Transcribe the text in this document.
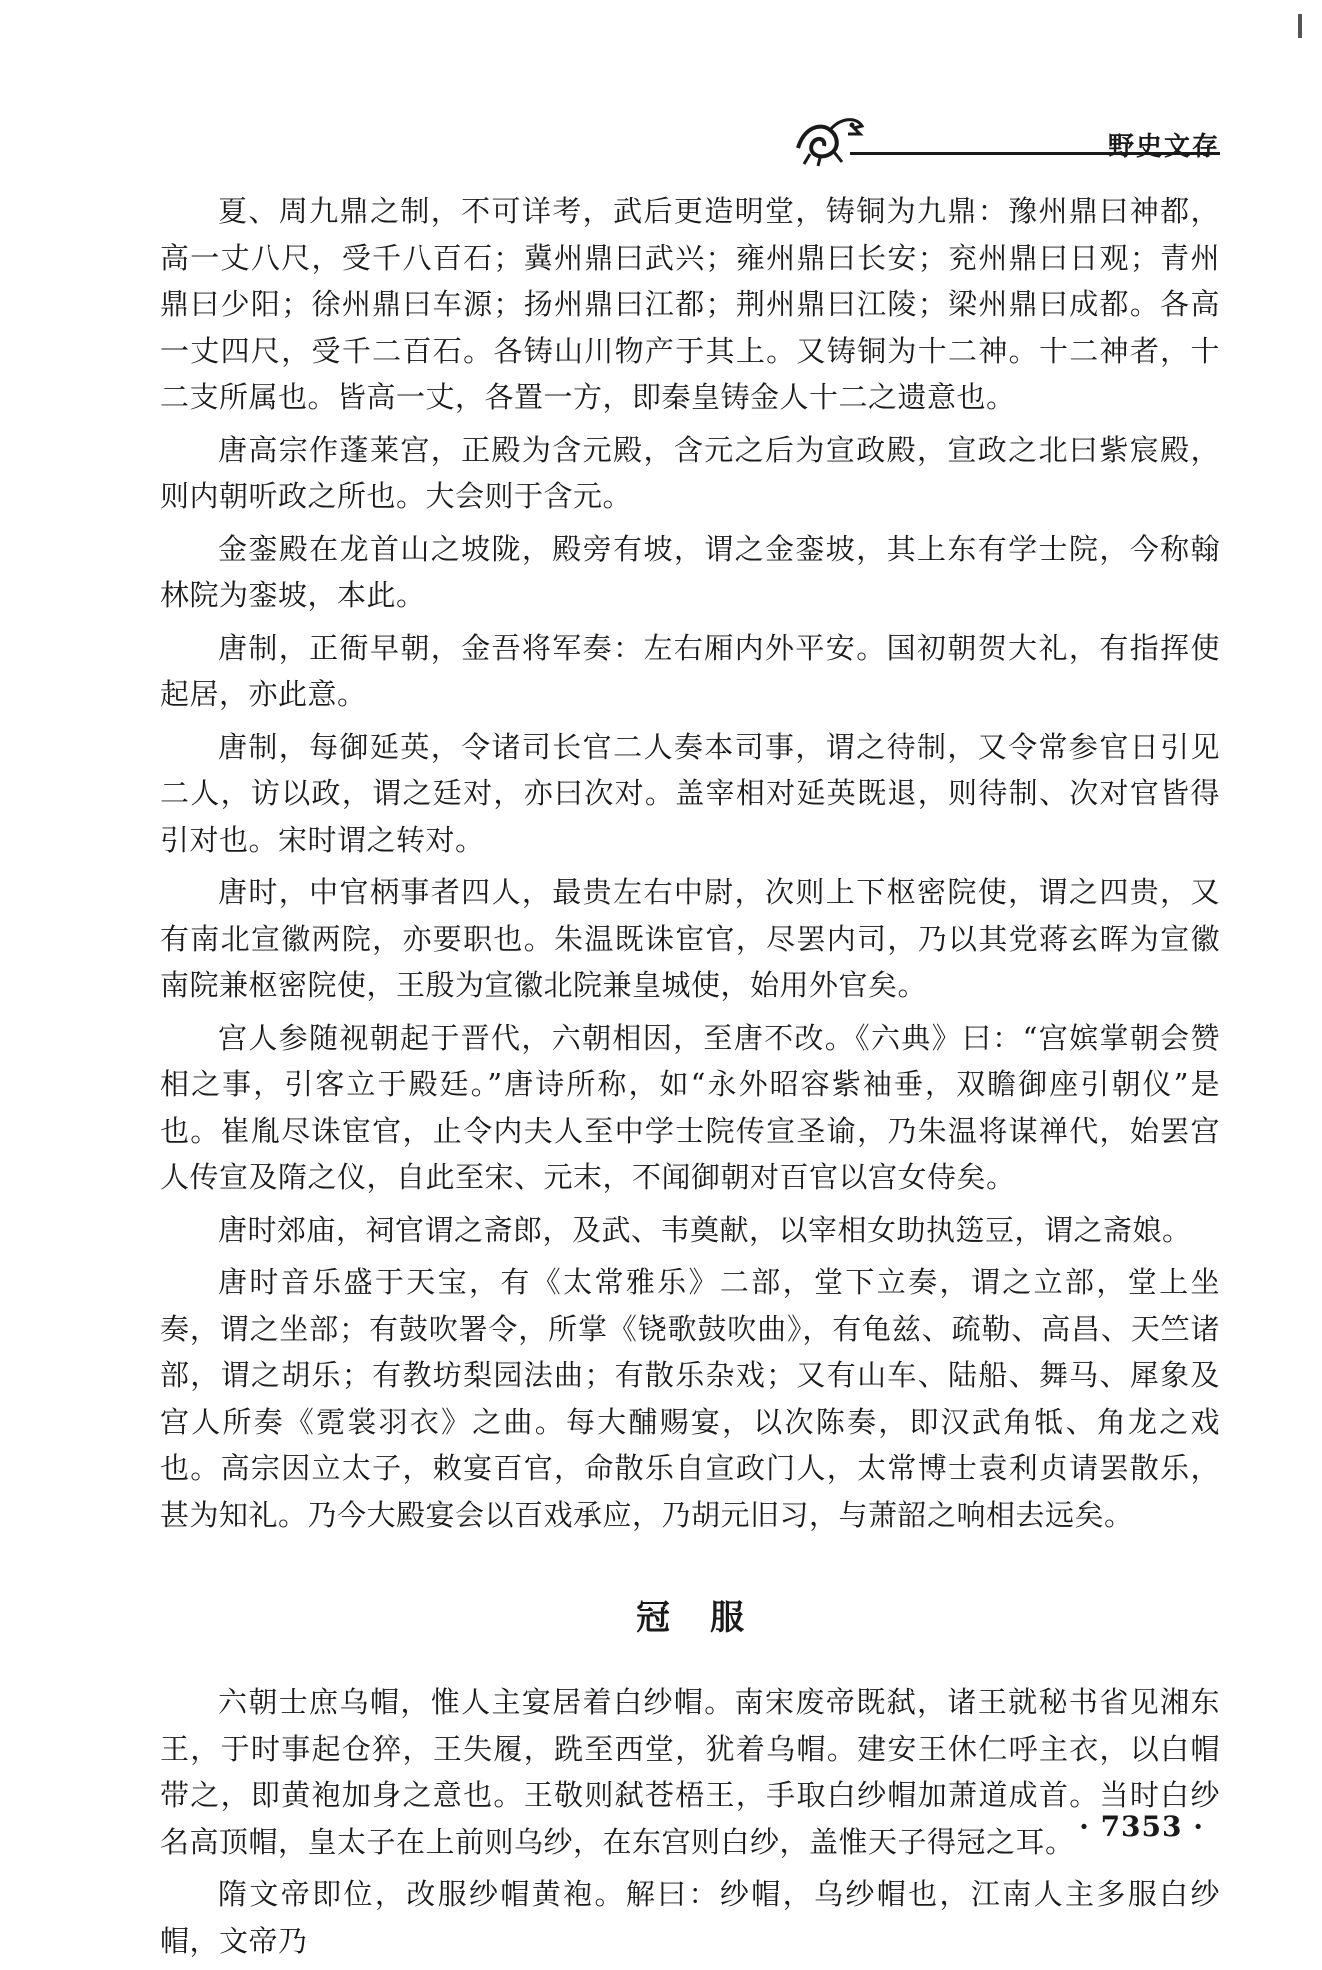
野史文存

夏、周九鼎之制，不可详考，武后更造明堂，铸铜为九鼎：豫州鼎曰神都，高一丈八尺，受千八百石；冀州鼎曰武兴；雍州鼎曰长安；兖州鼎曰日观；青州鼎曰少阳；徐州鼎曰车源；扬州鼎曰江都；荆州鼎曰江陵；梁州鼎曰成都。各高一丈四尺，受千二百石。各铸山川物产于其上。又铸铜为十二神。十二神者，十二支所属也。皆高一丈，各置一方，即秦皇铸金人十二之遗意也。

唐高宗作蓬莱宫，正殿为含元殿，含元之后为宣政殿，宣政之北曰紫宸殿，则内朝听政之所也。大会则于含元。

金銮殿在龙首山之坡陇，殿旁有坡，谓之金銮坡，其上东有学士院，今称翰林院为銮坡，本此。

唐制，正衙早朝，金吾将军奏：左右厢内外平安。国初朝贺大礼，有指挥使起居，亦此意。

唐制，每御延英，令诸司长官二人奏本司事，谓之待制，又令常参官日引见二人，访以政，谓之廷对，亦曰次对。盖宰相对延英既退，则待制、次对官皆得引对也。宋时谓之转对。

唐时，中官柄事者四人，最贵左右中尉，次则上下枢密院使，谓之四贵，又有南北宣徽两院，亦要职也。朱温既诛宦官，尽罢内司，乃以其党蒋玄晖为宣徽南院兼枢密院使，王殷为宣徽北院兼皇城使，始用外官矣。

宫人参随视朝起于晋代，六朝相因，至唐不改。《六典》曰：“宫嫔掌朝会赞相之事，引客立于殿廷。”唐诗所称，如“永外昭容紫袖垂，双瞻御座引朝仪”是也。崔胤尽诛宦官，止令内夫人至中学士院传宣圣谕，乃朱温将谋禅代，始罢宫人传宣及隋之仪，自此至宋、元末，不闻御朝对百官以宫女侍矣。

唐时郊庙，祠官谓之斋郎，及武、韦奠献，以宰相女助执笾豆，谓之斋娘。

唐时音乐盛于天宝，有《太常雅乐》二部，堂下立奏，谓之立部，堂上坐奏，谓之坐部；有鼓吹署令，所掌《铙歌鼓吹曲》，有龟兹、疏勒、高昌、天竺诸部，谓之胡乐；有教坊梨园法曲；有散乐杂戏；又有山车、陆船、舞马、犀象及宫人所奏《霓裳羽衣》之曲。每大酺赐宴，以次陈奏，即汉武角牴、角龙之戏也。高宗因立太子，敕宴百官，命散乐自宣政门人，太常博士袁利贞请罢散乐，甚为知礼。乃今大殿宴会以百戏承应，乃胡元旧习，与萧韶之响相去远矣。

冠服

六朝士庶乌帽，惟人主宴居着白纱帽。南宋废帝既弑，诸王就秘书省见湘东王，于时事起仓猝，王失履，跣至西堂，犹着乌帽。建安王休仁呼主衣，以白帽带之，即黄袍加身之意也。王敬则弑苍梧王，手取白纱帽加萧道成首。当时白纱名高顶帽，皇太子在上前则乌纱，在东宫则白纱，盖惟天子得冠之耳。

隋文帝即位，改服纱帽黄袍。解曰：纱帽，乌纱帽也，江南人主多服白纱帽，文帝乃

· 7353 ·
